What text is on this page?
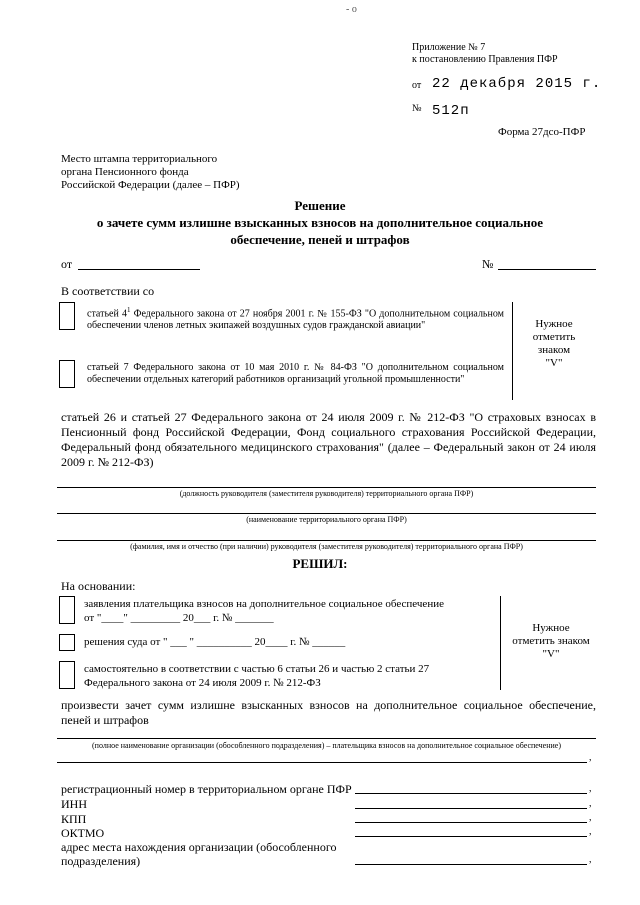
- о
Приложение № 7
к постановлению Правления ПФР
от 22 декабря 2015 г.
№ 512п
Форма 27дсо-ПФР
Место штампа территориального
органа Пенсионного фонда
Российской Федерации (далее – ПФР)
Решение
о зачете сумм излишне взысканных взносов на дополнительное социальное
обеспечение, пеней и штрафов
от	№
В соответствии со
статьей $4^1$ Федерального закона от 27 ноября 2001 г. № 155-ФЗ "О дополнительном социальном обеспечении членов летных экипажей воздушных судов гражданской авиации"
статьей 7 Федерального закона от 10 мая 2010 г. № 84-ФЗ "О дополнительном социальном обеспечении отдельных категорий работников организаций угольной промышленности"
Нужное
отметить
знаком
"V"
статьей 26 и статьей 27 Федерального закона от 24 июля 2009 г. № 212-ФЗ "О страховых взносах в Пенсионный фонд Российской Федерации, Фонд социального страхования Российской Федерации, Федеральный фонд обязательного медицинского страхования" (далее – Федеральный закон от 24 июля 2009 г. № 212-ФЗ)
(должность руководителя (заместителя руководителя) территориального органа ПФР)
(наименование территориального органа ПФР)
(фамилия, имя и отчество (при наличии) руководителя (заместителя руководителя) территориального органа ПФР)
РЕШИЛ:
На основании:
заявления плательщика взносов на дополнительное социальное обеспечение
от "____" _________ 20___ г. № _______
решения суда от " ___ " __________ 20____ г. № ______
самостоятельно в соответствии с частью 6 статьи 26 и частью 2 статьи 27
Федерального закона от 24 июля 2009 г. № 212-ФЗ
Нужное
отметить знаком
"V"
произвести зачет сумм излишне взысканных взносов на дополнительное социальное обеспечение, пеней и штрафов
(полное наименование организации (обособленного подразделения) – плательщика взносов на дополнительное социальное обеспечение)
,
регистрационный номер в территориальном органе ПФР	,
ИНН	,
КПП	,
ОКТМО	,
адрес места нахождения организации (обособленного
подразделения)	,
